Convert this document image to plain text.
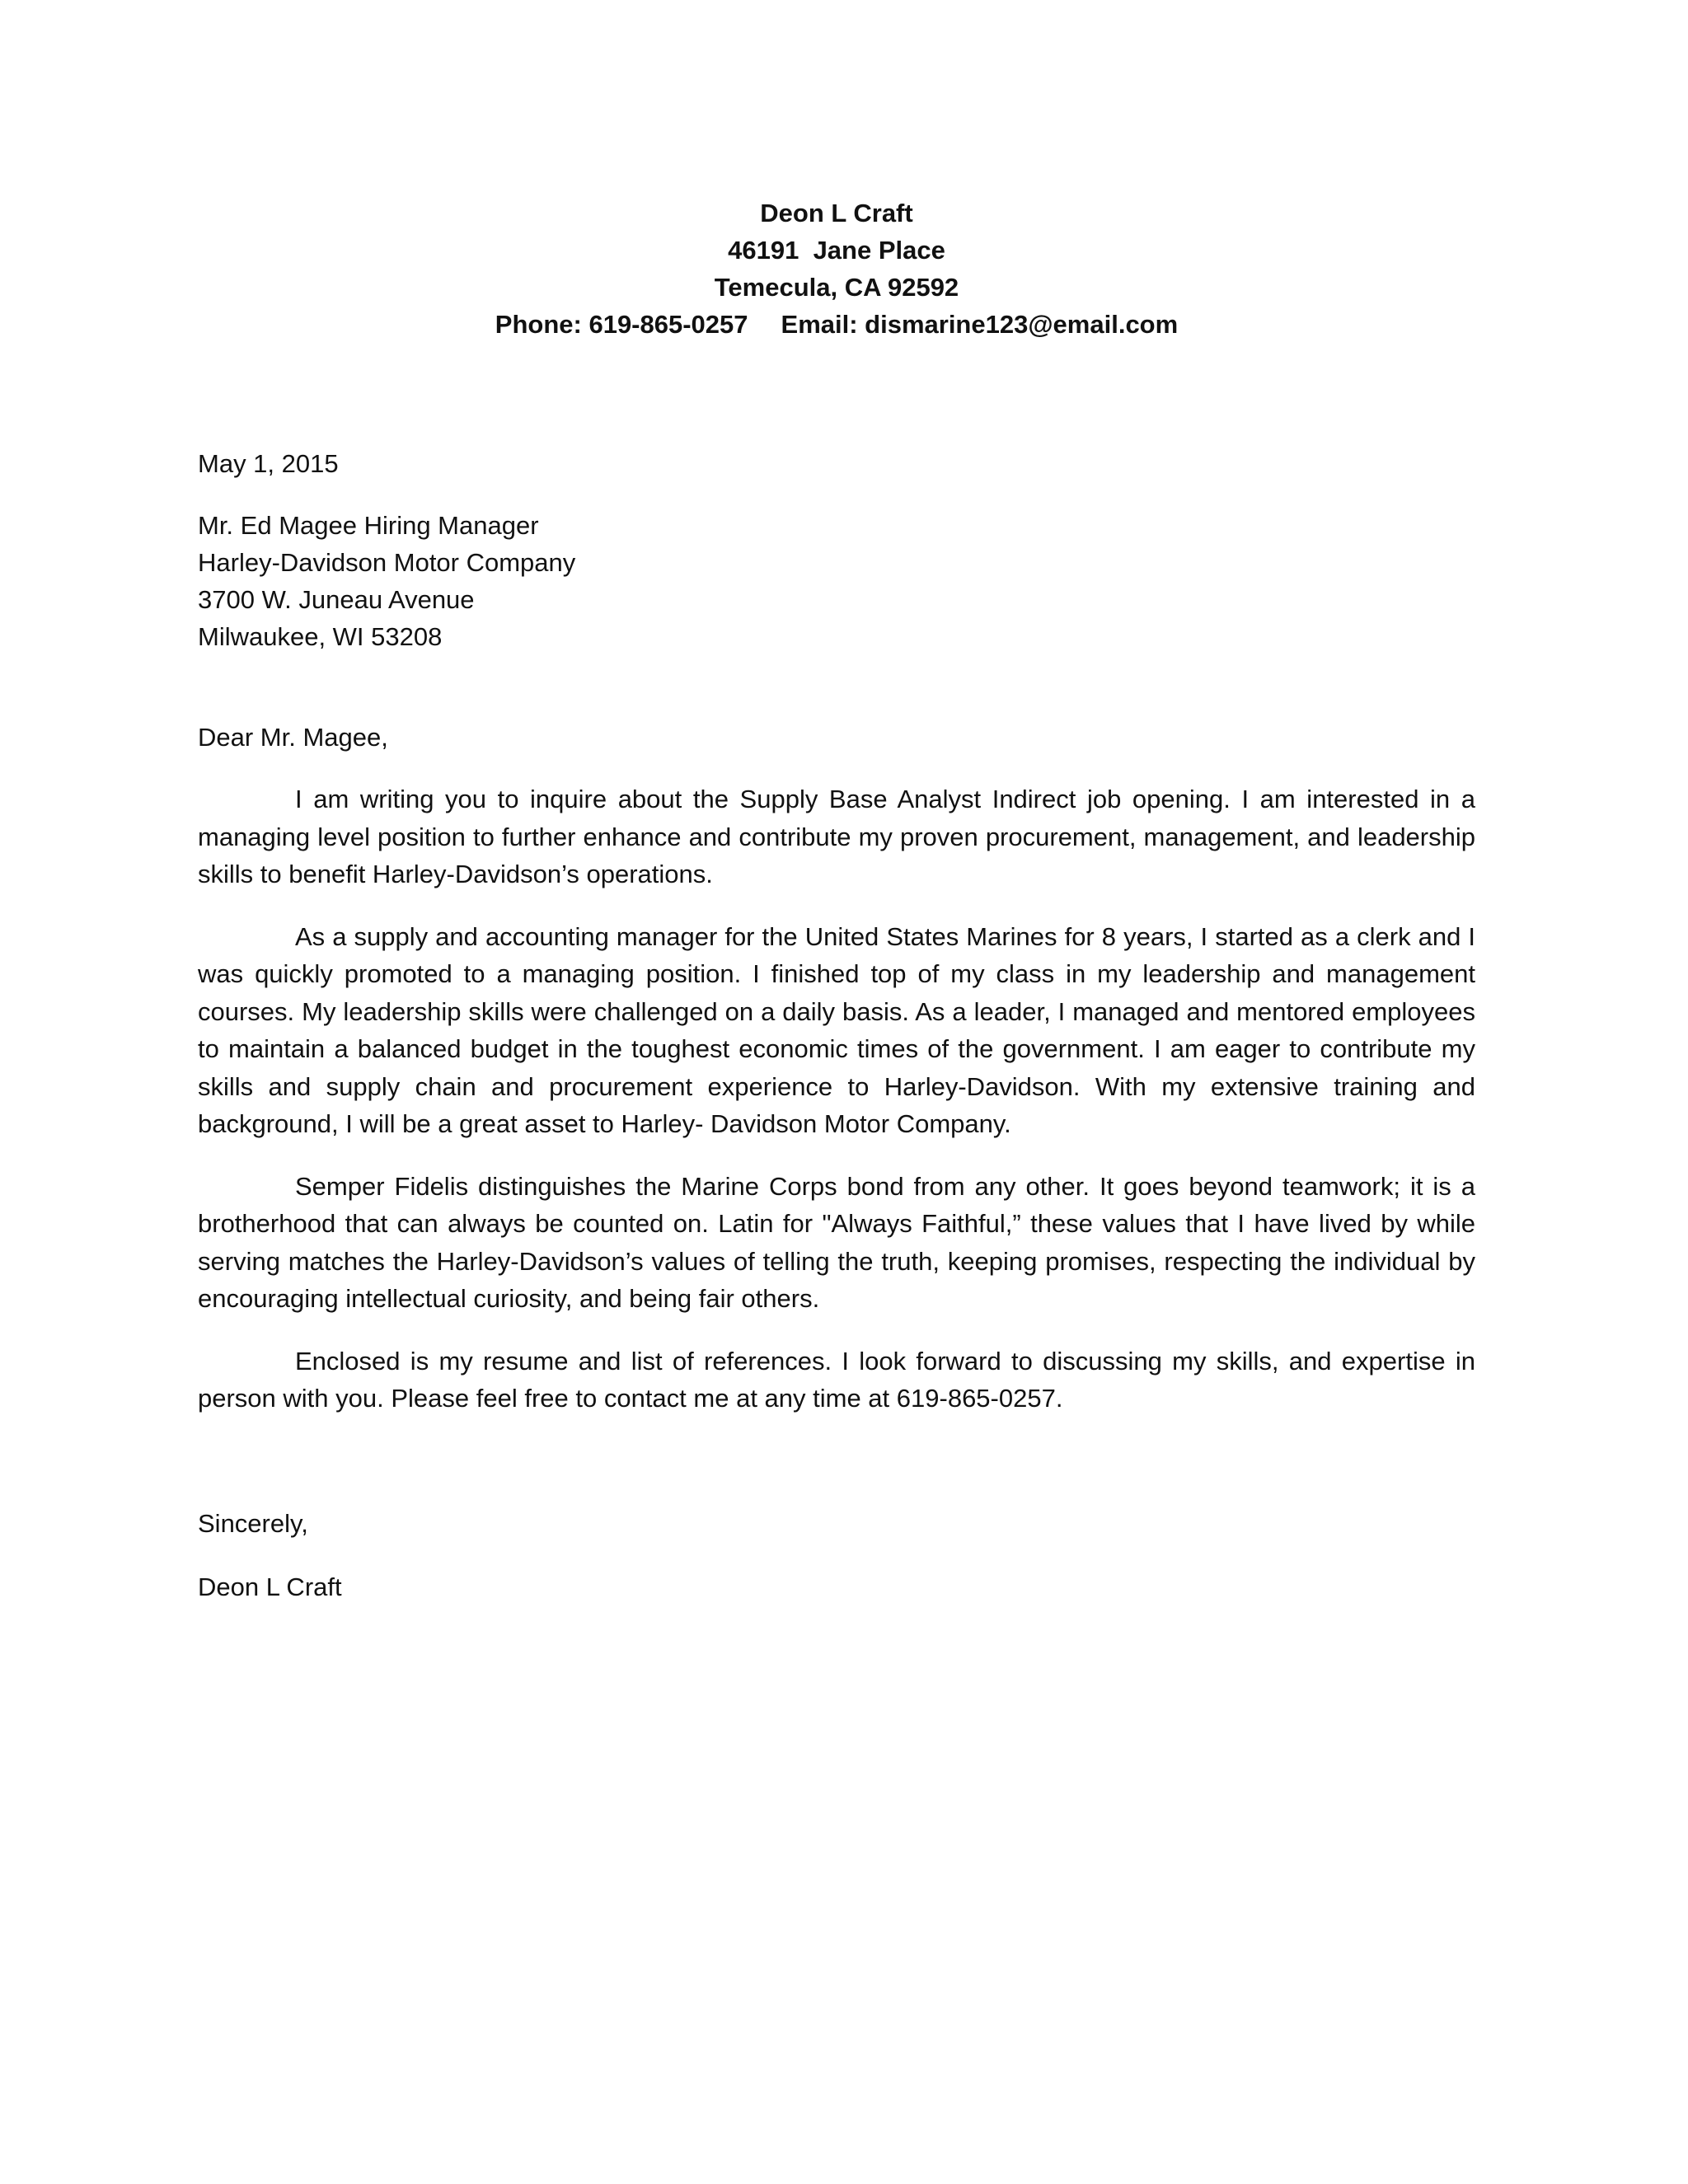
Deon L Craft
46191  Jane Place
Temecula, CA 92592
Phone: 619-865-0257 Email: dismarine123@email.com
May 1, 2015
Mr. Ed Magee Hiring Manager
Harley-Davidson Motor Company
3700 W. Juneau Avenue
Milwaukee, WI 53208
Dear Mr. Magee,

I am writing you to inquire about the Supply Base Analyst Indirect job opening. I am interested in a managing level position to further enhance and contribute my proven procurement, management, and leadership skills to benefit Harley-Davidson’s operations.

As a supply and accounting manager for the United States Marines for 8 years, I started as a clerk and I was quickly promoted to a managing position. I finished top of my class in my leadership and management courses. My leadership skills were challenged on a daily basis. As a leader, I managed and mentored employees to maintain a balanced budget in the toughest economic times of the government. I am eager to contribute my skills and supply chain and procurement experience to Harley-Davidson. With my extensive training and background, I will be a great asset to Harley- Davidson Motor Company.

Semper Fidelis distinguishes the Marine Corps bond from any other. It goes beyond teamwork; it is a brotherhood that can always be counted on. Latin for "Always Faithful,” these values that I have lived by while serving matches the Harley-Davidson’s values of telling the truth, keeping promises, respecting the individual by encouraging intellectual curiosity, and being fair others.

Enclosed is my resume and list of references. I look forward to discussing my skills, and expertise in person with you. Please feel free to contact me at any time at 619-865-0257.

Sincerely,
Deon L Craft
